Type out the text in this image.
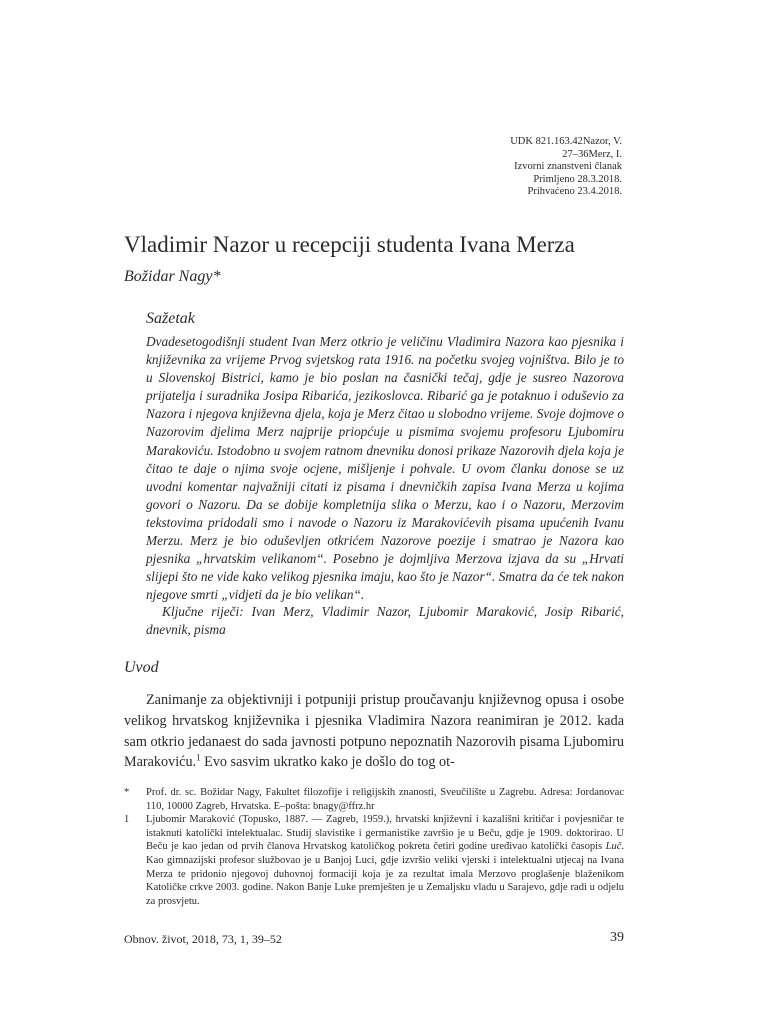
UDK 821.163.42Nazor, V.
27–36Merz, I.
Izvorni znanstveni članak
Primljeno 28.3.2018.
Prihvaćeno 23.4.2018.
Vladimir Nazor u recepciji studenta Ivana Merza

Božidar Nagy*

Sažetak

Dvadesetogodišnji student Ivan Merz otkrio je veličinu Vladimira Nazora kao pjesnika i književnika za vrijeme Prvog svjetskog rata 1916. na početku svojeg vojništva. Bilo je to u Slovenskoj Bistrici, kamo je bio poslan na časnički tečaj, gdje je susreo Nazorova prijatelja i suradnika Josipa Ribarića, jezikoslovca. Ribarić ga je potaknuo i oduševio za Nazora i njegova književna djela, koja je Merz čitao u slobodno vrijeme. Svoje dojmove o Nazorovim djelima Merz najprije priopćuje u pismima svojemu profesoru Ljubomiru Marakoviću. Istodobno u svojem ratnom dnevniku donosi prikaze Nazorovih djela koja je čitao te daje o njima svoje ocjene, mišljenje i pohvale. U ovom članku donose se uz uvodni komentar najvažniji citati iz pisama i dnevničkih zapisa Ivana Merza u kojima govori o Nazoru. Da se dobije kompletnija slika o Merzu, kao i o Nazoru, Merzovim tekstovima pridodali smo i navode o Nazoru iz Marakovićevih pisama upućenih Ivanu Merzu. Merz je bio oduševljen otkrićem Nazorove poezije i smatrao je Nazora kao pjesnika „hrvatskim velikanom“. Posebno je dojmljiva Merzova izjava da su „Hrvati slijepi što ne vide kako velikog pjesnika imaju, kao što je Nazor“. Smatra da će tek nakon njegove smrti „vidjeti da je bio velikan“.

Ključne riječi: Ivan Merz, Vladimir Nazor, Ljubomir Maraković, Josip Ribarić, dnevnik, pisma

Uvod

Zanimanje za objektivniji i potpuniji pristup proučavanju književnog opusa i osobe velikog hrvatskog književnika i pjesnika Vladimira Nazora reanimiran je 2012. kada sam otkrio jedanaest do sada javnosti potpuno nepoznatih Nazorovih pisama Ljubomiru Marakoviću.$^1$ Evo sasvim ukratko kako je došlo do tog ot-

* Prof. dr. sc. Božidar Nagy, Fakultet filozofije i religijskih znanosti, Sveučilište u Zagrebu. Adresa: Jordanovac 110, 10000 Zagreb, Hrvatska. E–pošta: bnagy@ffrz.hr
1 Ljubomir Maraković (Topusko, 1887. — Zagreb, 1959.), hrvatski književni i kazališni kritičar i povjesničar te istaknuti katolički intelektualac. Studij slavistike i germanistike završio je u Beču, gdje je 1909. doktorirao. U Beču je kao jedan od prvih članova Hrvatskog katoličkog pokreta četiri godine uređivao katolički časopis Luč. Kao gimnazijski profesor službovao je u Banjoj Luci, gdje izvršio veliki vjerski i intelektualni utjecaj na Ivana Merza te pridonio njegovoj duhovnoj formaciji koja je za rezultat imala Merzovo proglašenje blaženikom Katoličke crkve 2003. godine. Nakon Banje Luke premješten je u Zemaljsku vladu u Sarajevo, gdje radi u odjelu za prosvjetu.
Obnov. život, 2018, 73, 1, 39–52	39
